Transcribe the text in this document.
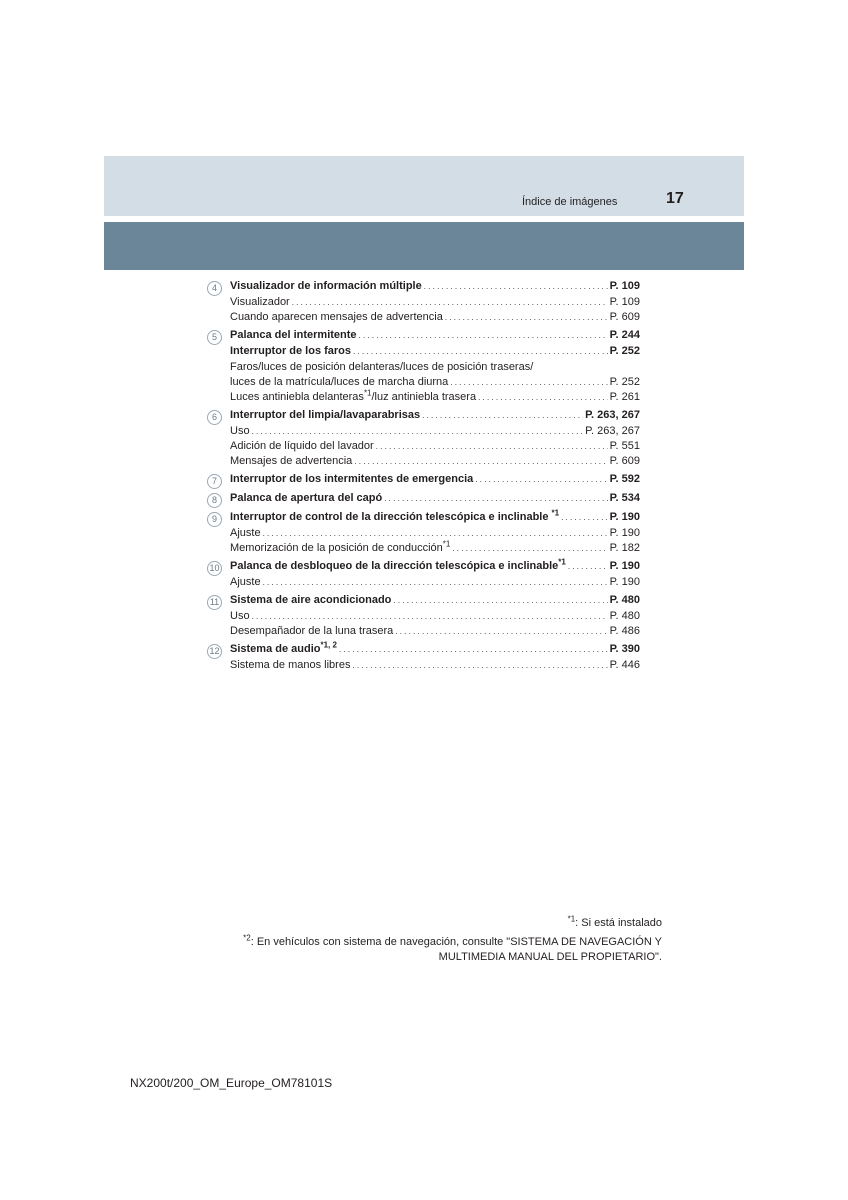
Índice de imágenes	17
4	Visualizador de información múltiple . . .	P. 109
Visualizador . . .	P. 109
Cuando aparecen mensajes de advertencia . . .	P. 609
5	Palanca del intermitente . . .	P. 244
Interruptor de los faros . . .	P. 252
Faros/luces de posición delanteras/luces de posición traseras/
luces de la matrícula/luces de marcha diurna . . .	P. 252
Luces antiniebla delanteras$^{*1}$/luz antiniebla trasera . . .	P. 261
6	Interruptor del limpia/lavaparabrisas . . .	P. 263, 267
Uso . . .	P. 263, 267
Adición de líquido del lavador . . .	P. 551
Mensajes de advertencia . . .	P. 609
7	Interruptor de los intermitentes de emergencia . . .	P. 592
8	Palanca de apertura del capó . . .	P. 534
9	Interruptor de control de la dirección telescópica e inclinable $^{*1}$ . . .	P. 190
Ajuste . . .	P. 190
Memorización de la posición de conducción$^{*1}$ . . .	P. 182
10 Palanca de desbloqueo de la dirección telescópica e inclinable$^{*1}$ . . .	P. 190
Ajuste . . .	P. 190
11 Sistema de aire acondicionado . . .	P. 480
Uso . . .	P. 480
Desempañador de la luna trasera . . .	P. 486
12 Sistema de audio$^{*1, 2}$ . . .	P. 390
Sistema de manos libres . . .	P. 446
$^{*1}$: Si está instalado
$^{*2}$: En vehículos con sistema de navegación, consulte "SISTEMA DE NAVEGACIÓN Y
MULTIMEDIA MANUAL DEL PROPIETARIO".
NX200t/200_OM_Europe_OM78101S
